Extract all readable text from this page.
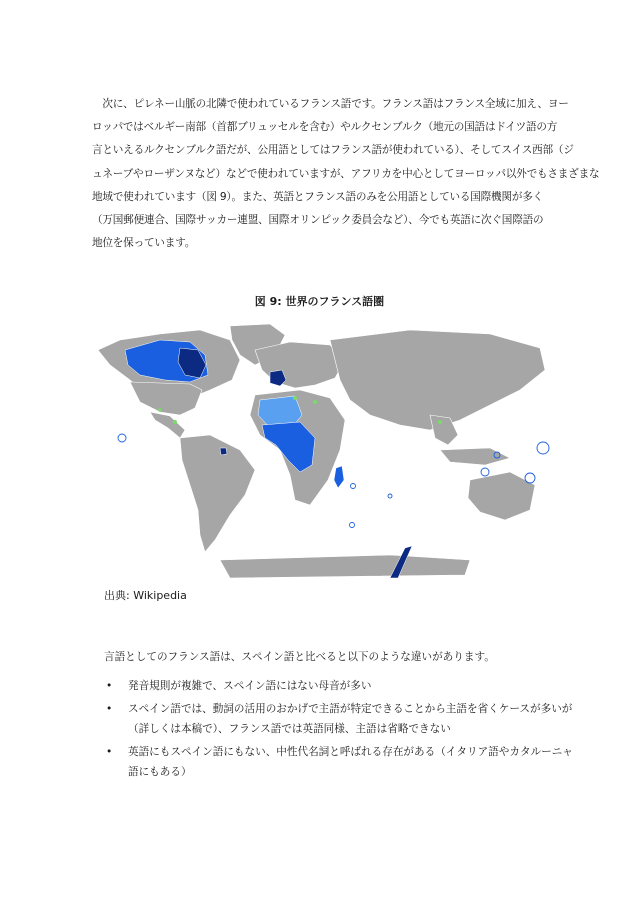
　次に、ピレネー山脈の北隣で使われているフランス語です。フランス語はフランス全域に加え、ヨー
ロッパではベルギー南部（首都ブリュッセルを含む）やルクセンブルク（地元の国語はドイツ語の方
言といえるルクセンブルク語だが、公用語としてはフランス語が使われている）、そしてスイス西部（ジ
ュネーブやローザンヌなど）などで使われていますが、アフリカを中心としてヨーロッパ以外でもさまざまな
地域で使われています（図 9）。また、英語とフランス語のみを公用語としている国際機関が多く
（万国郵便連合、国際サッカー連盟、国際オリンピック委員会など）、今でも英語に次ぐ国際語の
地位を保っています。

図 9: 世界のフランス語圏

出典: Wikipedia

言語としてのフランス語は、スペイン語と比べると以下のような違いがあります。

• 発音規則が複雑で、スペイン語にはない母音が多い
• スペイン語では、動詞の活用のおかげで主語が特定できることから主語を省くケースが多いが
（詳しくは本稿で）、フランス語では英語同様、主語は省略できない
• 英語にもスペイン語にもない、中性代名詞と呼ばれる存在がある（イタリア語やカタルーニャ
語にもある）
